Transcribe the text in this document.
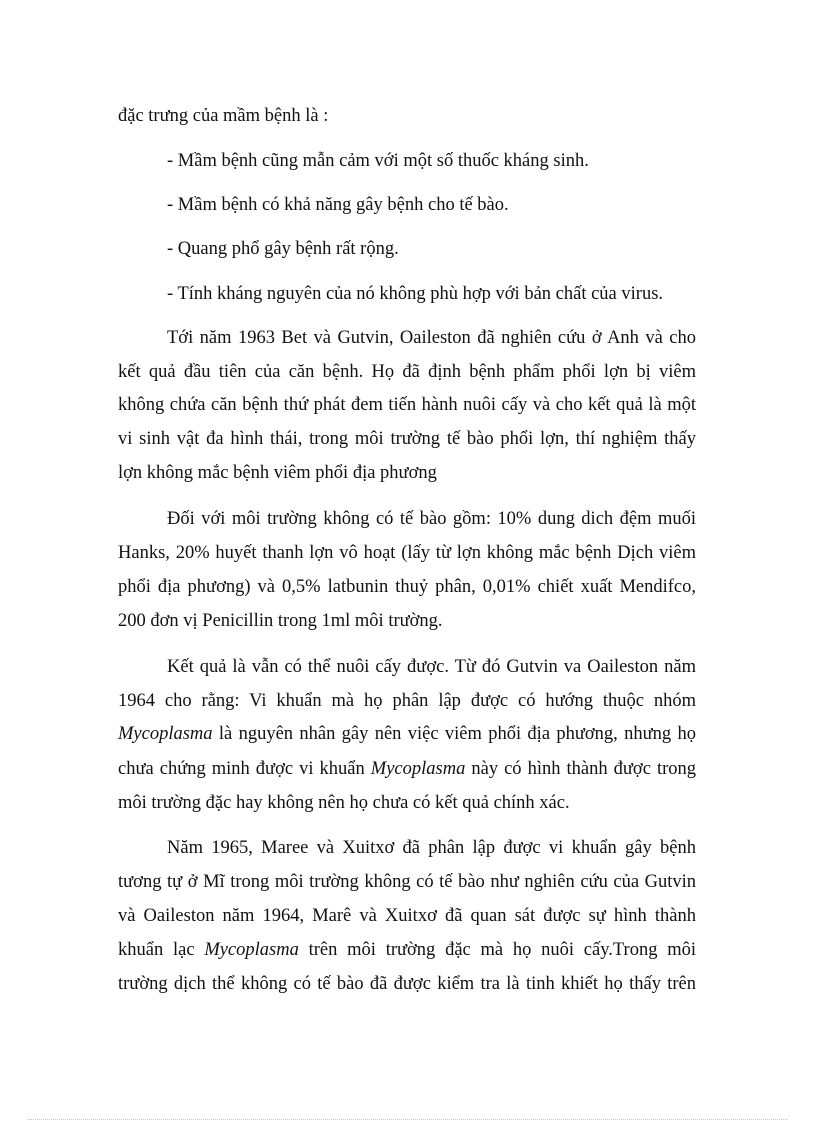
đặc trưng của mầm bệnh là :
- Mầm bệnh cũng mẫn cảm với một số thuốc kháng sinh.
- Mầm bệnh có khả năng gây bệnh cho tế bào.
- Quang phổ gây bệnh rất rộng.
- Tính kháng nguyên của nó không phù hợp với bản chất của virus.
Tới năm 1963 Bet và Gutvin, Oaileston đã nghiên cứu ở Anh và cho
kết quả đầu tiên của căn bệnh. Họ đã định bệnh phẩm phổi lợn bị viêm
không chứa căn bệnh thứ phát đem tiến hành nuôi cấy và cho kết quả là một
vi sinh vật đa hình thái, trong môi trường tế bào phổi lợn, thí nghiệm thấy
lợn không mắc bệnh viêm phổi địa phương
Đối với môi trường không có tế bào gồm: 10% dung dich đệm muối
Hanks, 20% huyết thanh lợn vô hoạt (lấy từ lợn không mắc bệnh Dịch viêm
phổi địa phương) và 0,5% latbunin thuỷ phân, 0,01% chiết xuất Mendifco,
200 đơn vị Penicillin trong 1ml môi trường.
Kết quả là vẫn có thể nuôi cấy được. Từ đó Gutvin va Oaileston năm
1964 cho rằng: Vi khuẩn mà họ phân lập được có hướng thuộc nhóm
Mycoplasma là nguyên nhân gây nên việc viêm phổi địa phương, nhưng họ
chưa chứng minh được vi khuẩn Mycoplasma này có hình thành được trong
môi trường đặc hay không nên họ chưa có kết quả chính xác.
Năm 1965, Maree và Xuitxơ đã phân lập được vi khuẩn gây bệnh
tương tự ở Mĩ trong môi trường không có tế bào như nghiên cứu của Gutvin
và Oaileston năm 1964, Marê và Xuitxơ đã quan sát được sự hình thành
khuẩn lạc Mycoplasma trên môi trường đặc mà họ nuôi cấy.Trong môi
trường dịch thể không có tế bào đã được kiểm tra là tinh khiết họ thấy trên
